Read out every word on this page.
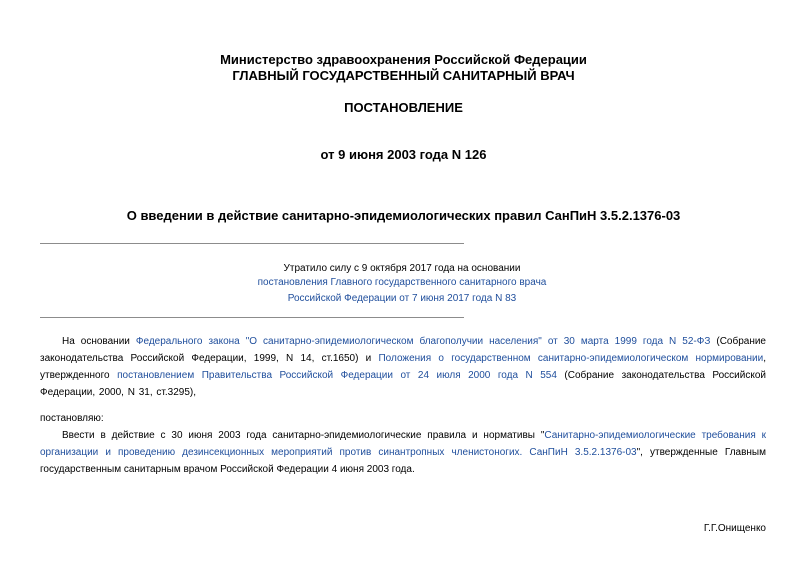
Министерство здравоохранения Российской Федерации
ГЛАВНЫЙ ГОСУДАРСТВЕННЫЙ САНИТАРНЫЙ ВРАЧ
ПОСТАНОВЛЕНИЕ
от 9 июня 2003 года N 126
О введении в действие санитарно-эпидемиологических правил СанПиН 3.5.2.1376-03
Утратило силу с 9 октября 2017 года на основании
постановления Главного государственного санитарного врача
Российской Федерации от 7 июня 2017 года N 83
На основании Федерального закона "О санитарно-эпидемиологическом благополучии населения" от 30 марта 1999 года N 52-ФЗ (Собрание законодательства Российской Федерации, 1999, N 14, ст.1650) и Положения о государственном санитарно-эпидемиологическом нормировании, утвержденного постановлением Правительства Российской Федерации от 24 июля 2000 года N 554 (Собрание законодательства Российской Федерации, 2000, N 31, ст.3295),
постановляю:
Ввести в действие с 30 июня 2003 года санитарно-эпидемиологические правила и нормативы "Санитарно-эпидемиологические требования к организации и проведению дезинсекционных мероприятий против синантропных членистоногих. СанПиН 3.5.2.1376-03", утвержденные Главным государственным санитарным врачом Российской Федерации 4 июня 2003 года.
Г.Г.Онищенко
